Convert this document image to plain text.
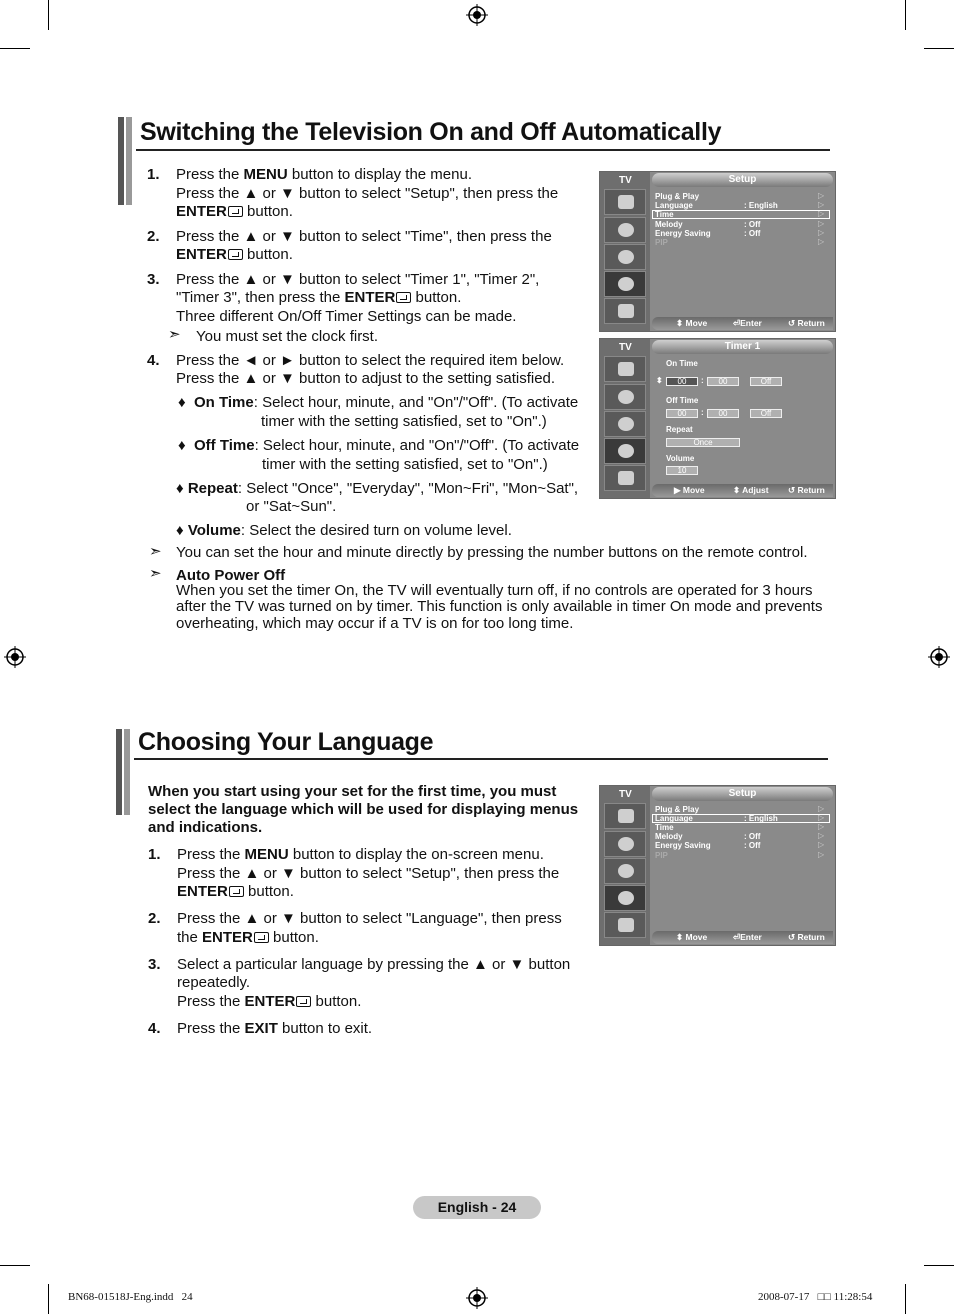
Switching the Television On and Off Automatically
1. Press the MENU button to display the menu.
Press the ▲ or ▼ button to select "Setup", then press the
ENTER button.
2. Press the ▲ or ▼ button to select "Time", then press the
ENTER button.
3. Press the ▲ or ▼ button to select "Timer 1", "Timer 2",
"Timer 3", then press the ENTER button.
Three different On/Off Timer Settings can be made.
➣ You must set the clock first.
4. Press the ◄ or ► button to select the required item below.
Press the ▲ or ▼ button to adjust to the setting satisfied.
♦  On Time: Select hour, minute, and "On"/"Off". (To activate
timer with the setting satisfied, set to "On".)
♦  Off Time: Select hour, minute, and "On"/"Off". (To activate
timer with the setting satisfied, set to "On".)
♦ Repeat: Select "Once", "Everyday", "Mon~Fri", "Mon~Sat",
or "Sat~Sun".
♦ Volume: Select the desired turn on volume level.
➣ You can set the hour and minute directly by pressing the number buttons on the remote control.
➣ Auto Power Off
When you set the timer On, the TV will eventually turn off, if no controls are operated for 3 hours
after the TV was turned on by timer. This function is only available in timer On mode and prevents
overheating, which may occur if a TV is on for too long time.
TV	Setup
Plug & Play
Language
Time
Melody
Energy Saving
PIP
: English
: Off
: Off
▷
▷
▷
▷
▷
▷
⬍ Move	⏎Enter	↺ Return
TV	Timer 1
On Time
⬍	00	:	00	Off
Off Time
00	:	00	Off
Repeat
Once
Volume
10
▶ Move	⬍ Adjust ↺ Return
Choosing Your Language
When you start using your set for the first time, you must
select the language which will be used for displaying menus
and indications.
1. Press the MENU button to display the on-screen menu.
Press the ▲ or ▼ button to select "Setup", then press the
ENTER button.
2. Press the ▲ or ▼ button to select "Language", then press
the ENTER button.
3. Select a particular language by pressing the ▲ or ▼ button
repeatedly.
Press the ENTER button.
4. Press the EXIT button to exit.
TV	Setup
Plug & Play
Language
Time
Melody
Energy Saving
PIP
: English
: Off
: Off
▷
▷
▷
▷
▷
▷
⬍ Move	⏎Enter	↺ Return
English - 24
BN68-01518J-Eng.indd   24	2008-07-17   □□ 11:28:54
